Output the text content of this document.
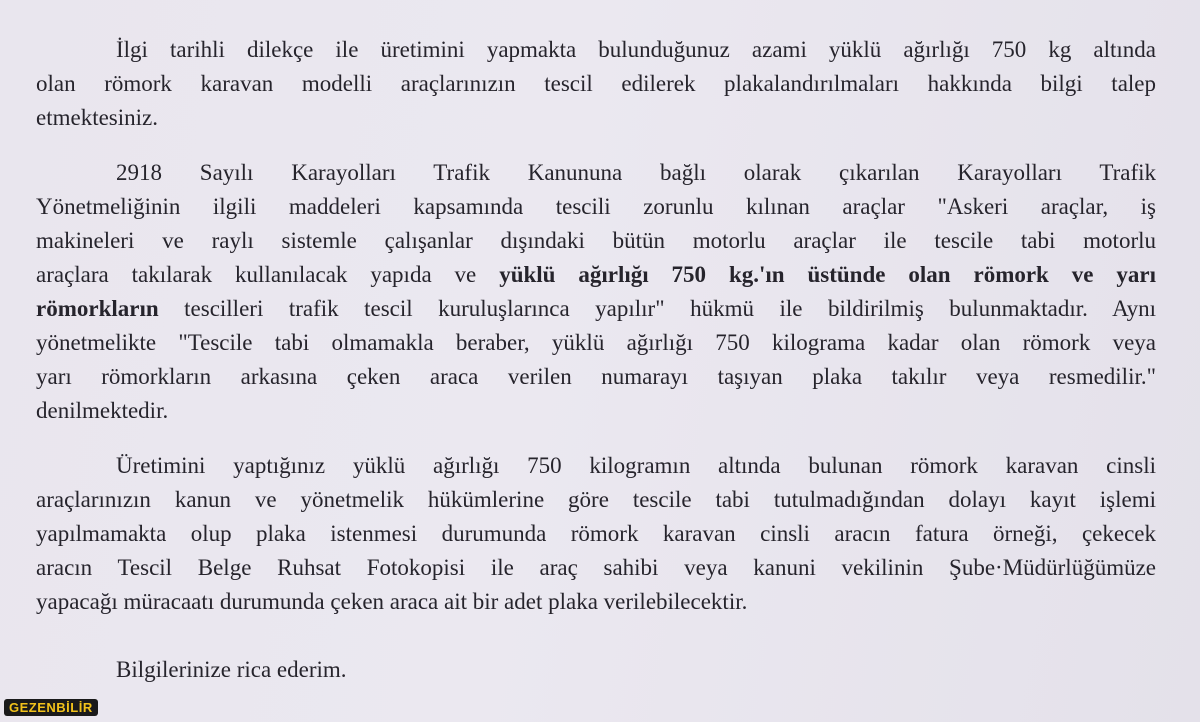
İlgi tarihli dilekçe ile üretimini yapmakta bulunduğunuz azami yüklü ağırlığı 750 kg altında
olan römork karavan modelli araçlarınızın tescil edilerek plakalandırılmaları hakkında bilgi talep
etmektesiniz.
2918 Sayılı Karayolları Trafik Kanununa bağlı olarak çıkarılan Karayolları Trafik
Yönetmeliğinin ilgili maddeleri kapsamında tescili zorunlu kılınan araçlar "Askeri araçlar, iş
makineleri ve raylı sistemle çalışanlar dışındaki bütün motorlu araçlar ile tescile tabi motorlu
araçlara takılarak kullanılacak yapıda ve yüklü ağırlığı 750 kg.'ın üstünde olan römork ve yarı
römorkların tescilleri trafik tescil kuruluşlarınca yapılır" hükmü ile bildirilmiş bulunmaktadır. Aynı
yönetmelikte "Tescile tabi olmamakla beraber, yüklü ağırlığı 750 kilograma kadar olan römork veya
yarı römorkların arkasına çeken araca verilen numarayı taşıyan plaka takılır veya resmedilir."
denilmektedir.
Üretimini yaptığınız yüklü ağırlığı 750 kilogramın altında bulunan römork karavan cinsli
araçlarınızın kanun ve yönetmelik hükümlerine göre tescile tabi tutulmadığından dolayı kayıt işlemi
yapılmamakta olup plaka istenmesi durumunda römork karavan cinsli aracın fatura örneği, çekecek
aracın Tescil Belge Ruhsat Fotokopisi ile araç sahibi veya kanuni vekilinin Şube·Müdürlüğümüze
yapacağı müracaatı durumunda çeken araca ait bir adet plaka verilebilecektir.
Bilgilerinize rica ederim.
GEZENBİLİR
